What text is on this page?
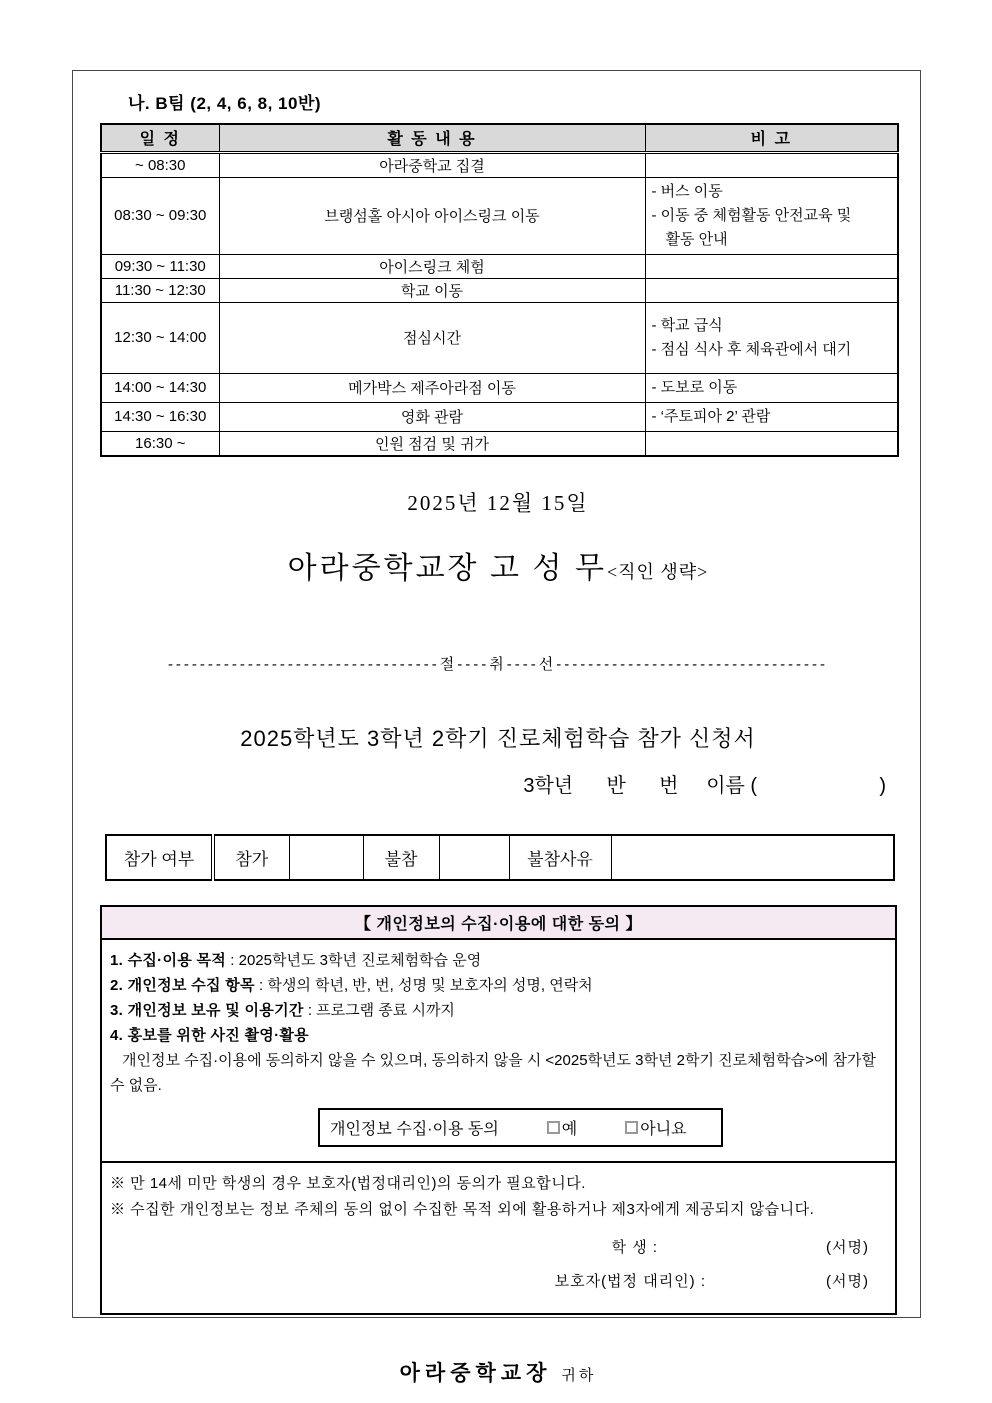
나. B팀 (2, 4, 6, 8, 10반)
일 정	활 동 내 용	비 고
~ 08:30	아라중학교 집결	
08:30 ~ 09:30	브랭섬홀 아시아 아이스링크 이동	- 버스 이동
- 이동 중 체험활동 안전교육 및
활동 안내

09:30 ~ 11:30	아이스링크 체험	
11:30 ~ 12:30	학교 이동	
12:30 ~ 14:00	점심시간	- 학교 급식
- 점심 식사 후 체육관에서 대기

14:00 ~ 14:30	메가박스 제주아라점 이동	- 도보로 이동

14:30 ~ 16:30	영화 관람	- ‘주토피아 2’ 관람

16:30 ~	인원 점검 및 귀가	
2025년 12월 15일
아라중학교장 고 성 무<직인 생략>
----------------------------------절----취----선----------------------------------
2025학년도 3학년 2학기 진로체험학습 참가 신청서
3학년      반      번     이름 (                      )
참가 여부	참가		불참		불참사유	
【 개인정보의 수집·이용에 대한 동의 】
1. 수집·이용 목적 : 2025학년도 3학년 진로체험학습 운영
2. 개인정보 수집 항목 : 학생의 학년, 반, 번, 성명 및 보호자의 성명, 연락처
3. 개인정보 보유 및 이용기간 : 프로그램 종료 시까지
4. 홍보를 위한 사진 촬영·활용
개인정보 수집·이용에 동의하지 않을 수 있으며, 동의하지 않을 시 <2025학년도 3학년 2학기 진로체험학습>에 참가할 수 없음.
개인정보 수집·이용 동의	예	아니요
※ 만 14세 미만 학생의 경우 보호자(법정대리인)의 동의가 필요합니다.
※ 수집한 개인정보는 정보 주체의 동의 없이 수집한 목적 외에 활용하거나 제3자에게 제공되지 않습니다.
학 생 :	(서명)
보호자(법정 대리인) :	(서명)
아라중학교장 귀하
